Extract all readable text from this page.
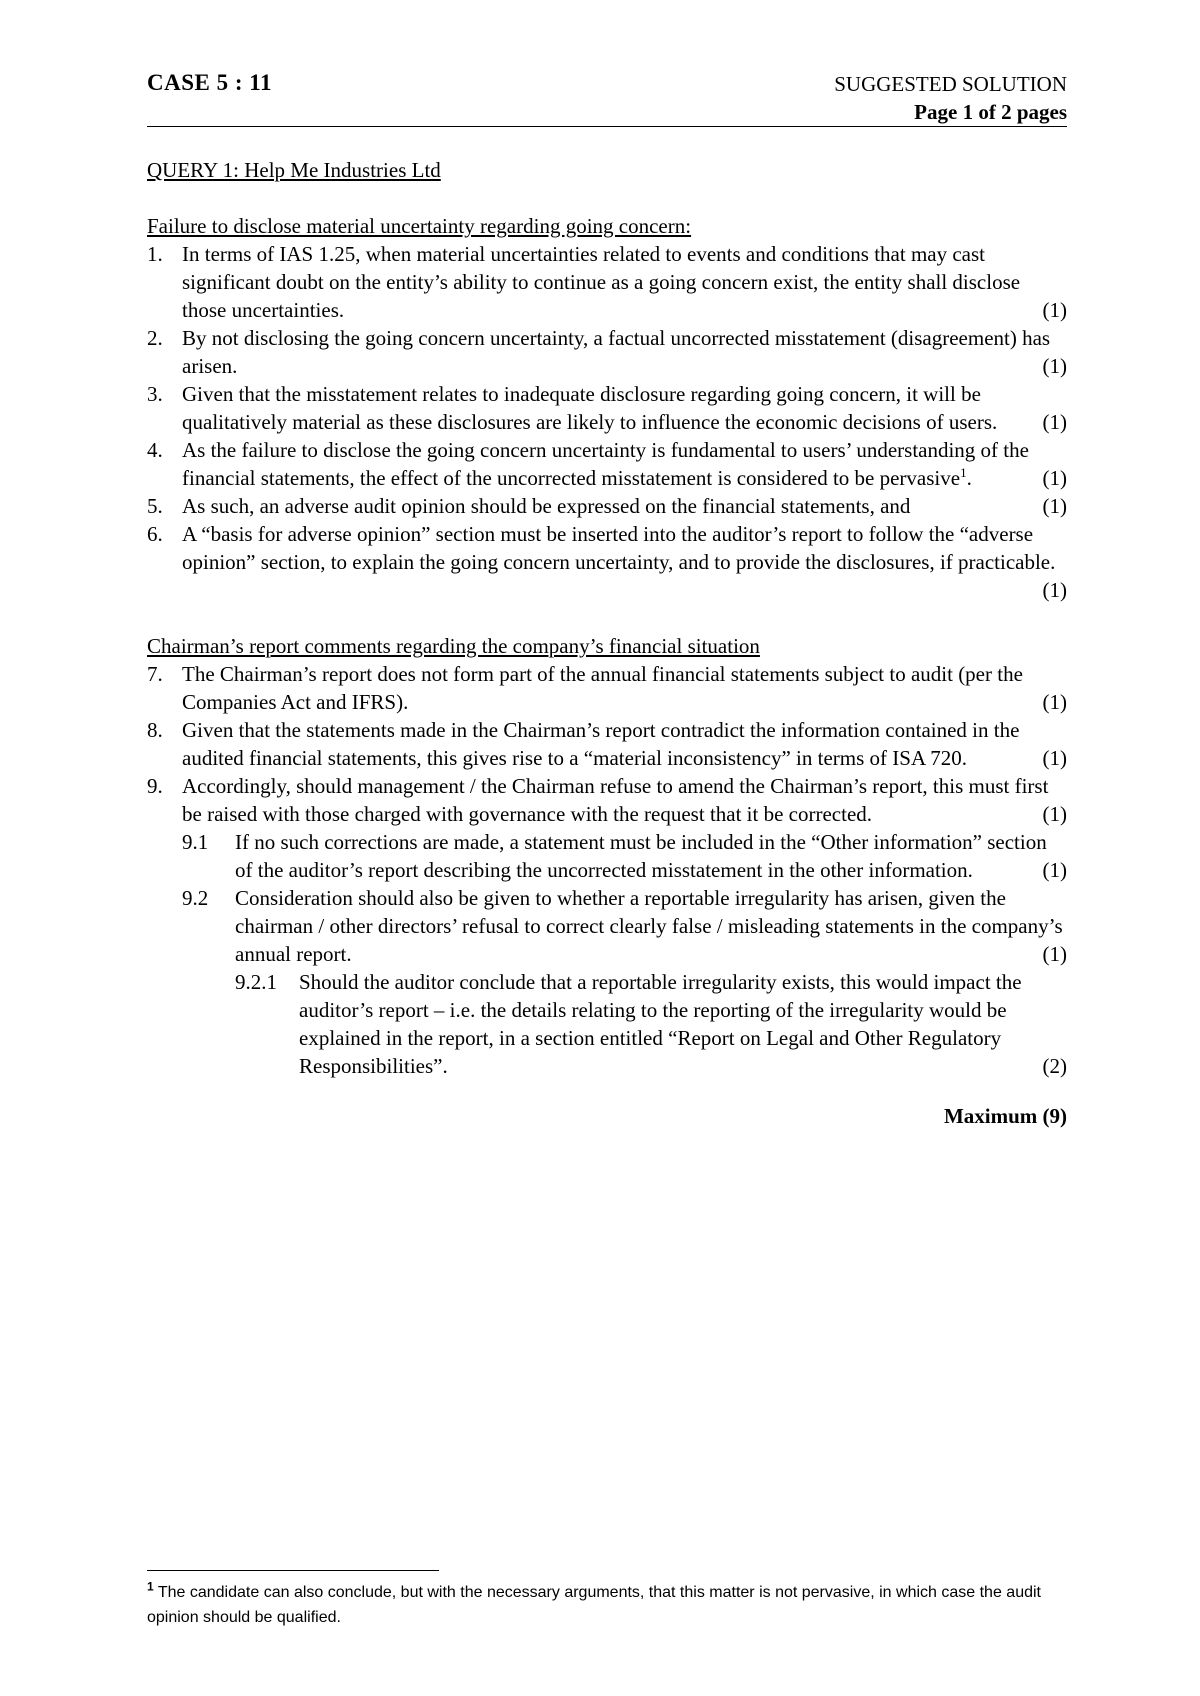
CASE 5 : 11	SUGGESTED SOLUTION
Page 1 of 2 pages
QUERY 1: Help Me Industries Ltd
Failure to disclose material uncertainty regarding going concern:
1. In terms of IAS 1.25, when material uncertainties related to events and conditions that may cast significant doubt on the entity’s ability to continue as a going concern exist, the entity shall disclose those uncertainties.	(1)
2. By not disclosing the going concern uncertainty, a factual uncorrected misstatement (disagreement) has arisen.	(1)
3. Given that the misstatement relates to inadequate disclosure regarding going concern, it will be qualitatively material as these disclosures are likely to influence the economic decisions of users.	(1)
4. As the failure to disclose the going concern uncertainty is fundamental to users’ understanding of the financial statements, the effect of the uncorrected misstatement is considered to be pervasive$^1$.	(1)
5. As such, an adverse audit opinion should be expressed on the financial statements, and	(1)
6. A “basis for adverse opinion” section must be inserted into the auditor’s report to follow the “adverse opinion” section, to explain the going concern uncertainty, and to provide the disclosures, if practicable.
(1)
Chairman’s report comments regarding the company’s financial situation
7. The Chairman’s report does not form part of the annual financial statements subject to audit (per the Companies Act and IFRS).	(1)
8. Given that the statements made in the Chairman’s report contradict the information contained in the audited financial statements, this gives rise to a “material inconsistency” in terms of ISA 720.	(1)
9. Accordingly, should management / the Chairman refuse to amend the Chairman’s report, this must first be raised with those charged with governance with the request that it be corrected.	(1)
9.1	If no such corrections are made, a statement must be included in the “Other information” section of the auditor’s report describing the uncorrected misstatement in the other information.	(1)
9.2	Consideration should also be given to whether a reportable irregularity has arisen, given the chairman / other directors’ refusal to correct clearly false / misleading statements in the company’s annual report.	(1)
9.2.1	Should the auditor conclude that a reportable irregularity exists, this would impact the auditor’s report – i.e. the details relating to the reporting of the irregularity would be explained in the report, in a section entitled “Report on Legal and Other Regulatory Responsibilities”.	(2)
Maximum (9)
$^1$ The candidate can also conclude, but with the necessary arguments, that this matter is not pervasive, in which case the audit opinion should be qualified.
